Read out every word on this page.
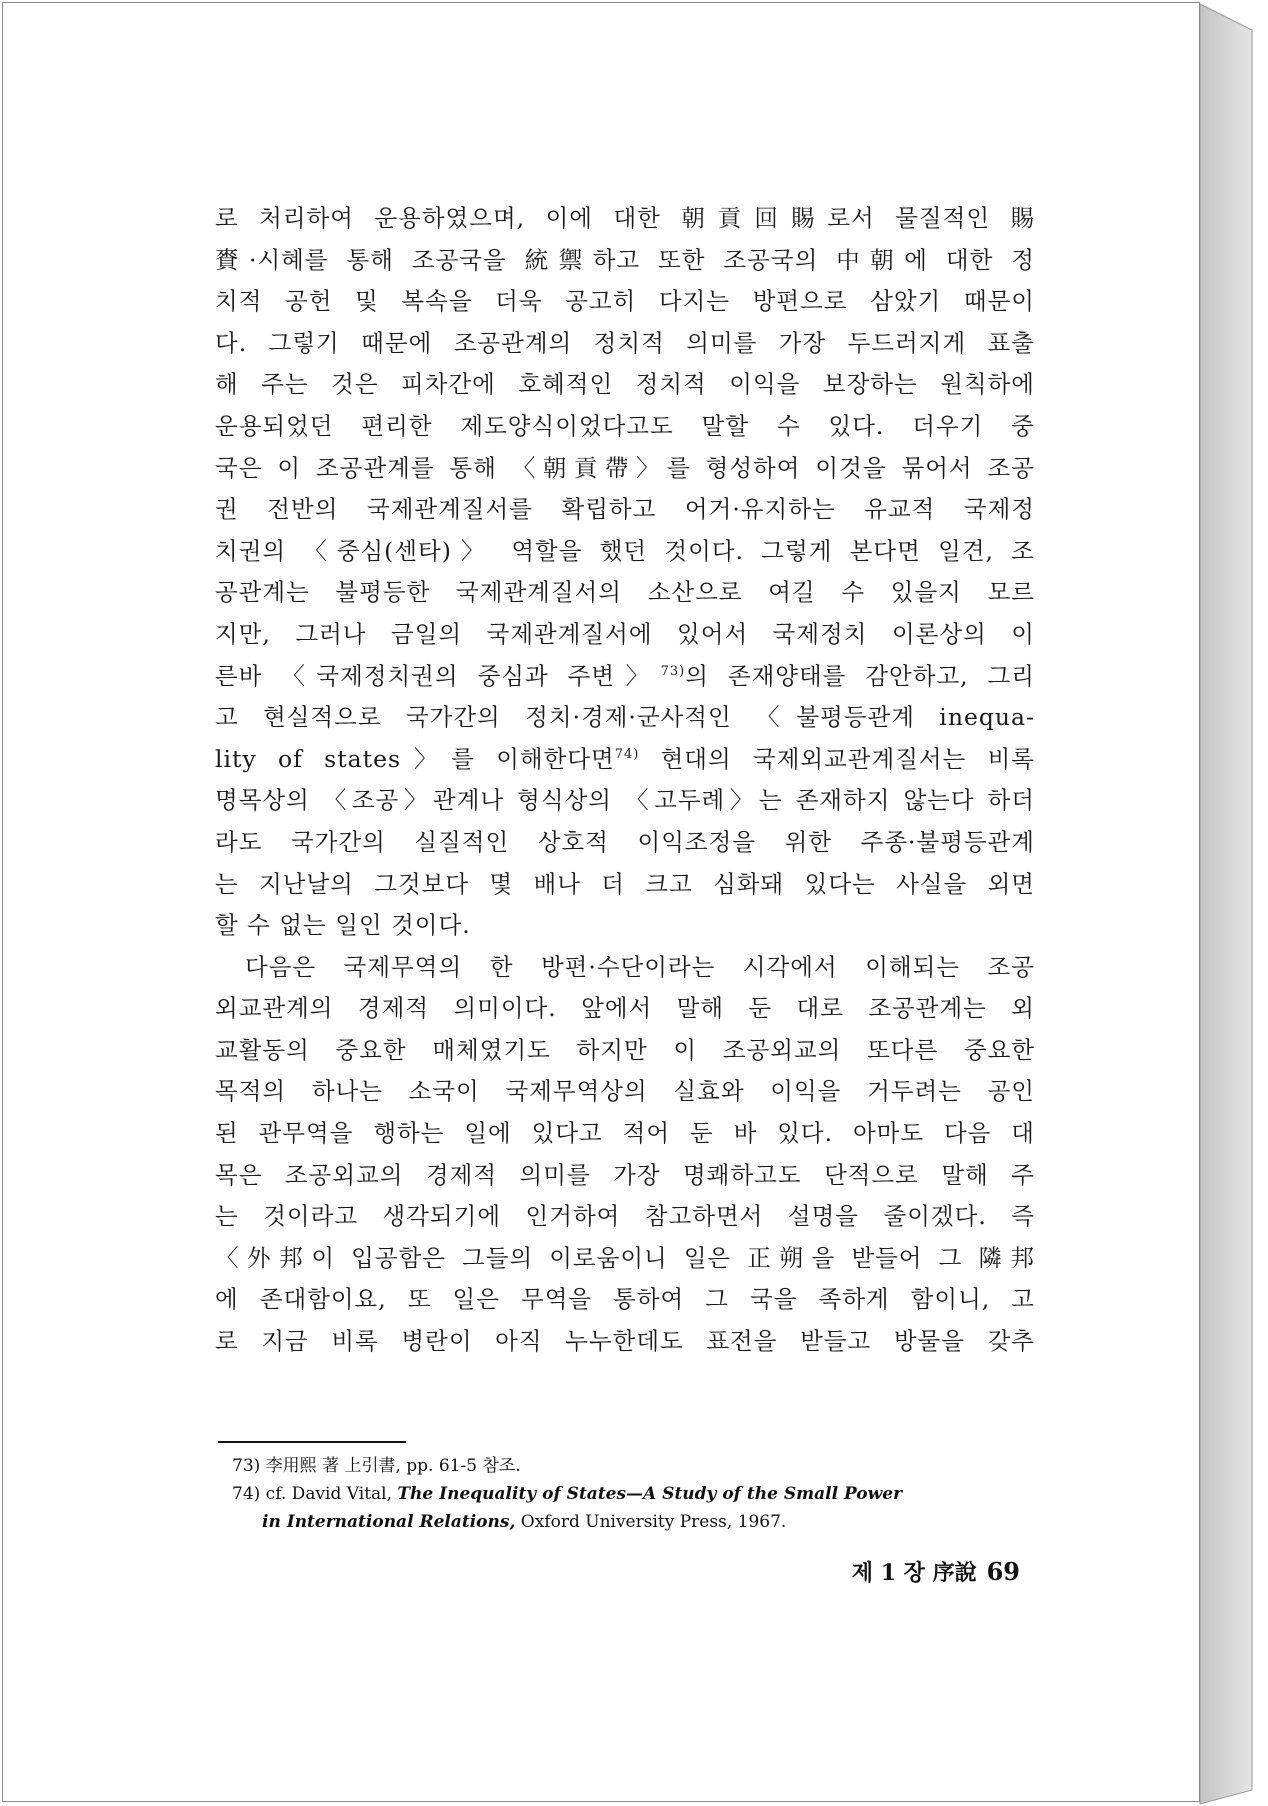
로 처리하여 운용하였으며, 이에 대한 朝貢回賜로서 물질적인 賜

賚·시혜를 통해 조공국을 統禦하고 또한 조공국의 中朝에 대한 정

치적 공헌 및 복속을 더욱 공고히 다지는 방편으로 삼았기 때문이

다. 그렇기 때문에 조공관계의 정치적 의미를 가장 두드러지게 표출

해 주는 것은 피차간에 호혜적인 정치적 이익을 보장하는 원칙하에

운용되었던 편리한 제도양식이었다고도 말할 수 있다. 더우기 중

국은 이 조공관계를 통해 〈朝貢帶〉를 형성하여 이것을 묶어서 조공

권 전반의 국제관계질서를 확립하고 어거·유지하는 유교적 국제정

치권의 〈중심(센타)〉 역할을 했던 것이다. 그렇게 본다면 일견, 조

공관계는 불평등한 국제관계질서의 소산으로 여길 수 있을지 모르

지만, 그러나 금일의 국제관계질서에 있어서 국제정치 이론상의 이

른바 〈국제정치권의 중심과 주변〉$^{73)}$의 존재양태를 감안하고, 그리

고 현실적으로 국가간의 정치·경제·군사적인 〈불평등관계 inequa-

lity of states〉를 이해한다면$^{74)}$ 현대의 국제외교관계질서는 비록

명목상의 〈조공〉관계나 형식상의 〈고두례〉는 존재하지 않는다 하더

라도 국가간의 실질적인 상호적 이익조정을 위한 주종·불평등관계

는 지난날의 그것보다 몇 배나 더 크고 심화돼 있다는 사실을 외면

할 수 없는 일인 것이다.

다음은 국제무역의 한 방편·수단이라는 시각에서 이해되는 조공

외교관계의 경제적 의미이다. 앞에서 말해 둔 대로 조공관계는 외

교활동의 중요한 매체였기도 하지만 이 조공외교의 또다른 중요한

목적의 하나는 소국이 국제무역상의 실효와 이익을 거두려는 공인

된 관무역을 행하는 일에 있다고 적어 둔 바 있다. 아마도 다음 대

목은 조공외교의 경제적 의미를 가장 명쾌하고도 단적으로 말해 주

는 것이라고 생각되기에 인거하여 참고하면서 설명을 줄이겠다. 즉

〈外邦이 입공함은 그들의 이로움이니 일은 正朔을 받들어 그 隣邦

에 존대함이요, 또 일은 무역을 통하여 그 국을 족하게 함이니, 고

로 지금 비록 병란이 아직 누누한데도 표전을 받들고 방물을 갖추

73) 李用熙 著 上引書, pp. 61-5 참조.
74) cf. David Vital, The Inequality of States—A Study of the Small Power
in International Relations, Oxford University Press, 1967.
제 1 장 序說 69
